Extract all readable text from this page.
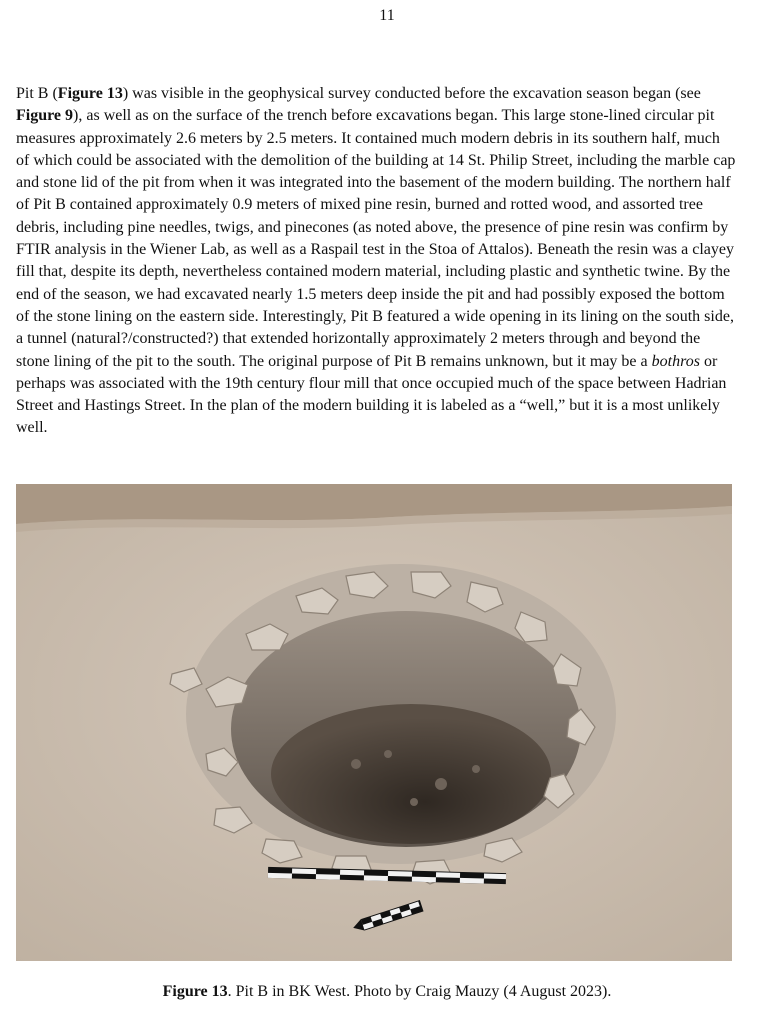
11

Pit B (Figure 13) was visible in the geophysical survey conducted before the excavation season began (see Figure 9), as well as on the surface of the trench before excavations began. This large stone-lined circular pit measures approximately 2.6 meters by 2.5 meters. It contained much modern debris in its southern half, much of which could be associated with the demolition of the building at 14 St. Philip Street, including the marble cap and stone lid of the pit from when it was integrated into the basement of the modern building. The northern half of Pit B contained approximately 0.9 meters of mixed pine resin, burned and rotted wood, and assorted tree debris, including pine needles, twigs, and pinecones (as noted above, the presence of pine resin was confirm by FTIR analysis in the Wiener Lab, as well as a Raspail test in the Stoa of Attalos). Beneath the resin was a clayey fill that, despite its depth, nevertheless contained modern material, including plastic and synthetic twine. By the end of the season, we had excavated nearly 1.5 meters deep inside the pit and had possibly exposed the bottom of the stone lining on the eastern side. Interestingly, Pit B featured a wide opening in its lining on the south side, a tunnel (natural?/constructed?) that extended horizontally approximately 2 meters through and beyond the stone lining of the pit to the south. The original purpose of Pit B remains unknown, but it may be a bothros or perhaps was associated with the 19th century flour mill that once occupied much of the space between Hadrian Street and Hastings Street. In the plan of the modern building it is labeled as a “well,” but it is a most unlikely well.

Figure 13. Pit B in BK West. Photo by Craig Mauzy (4 August 2023).
